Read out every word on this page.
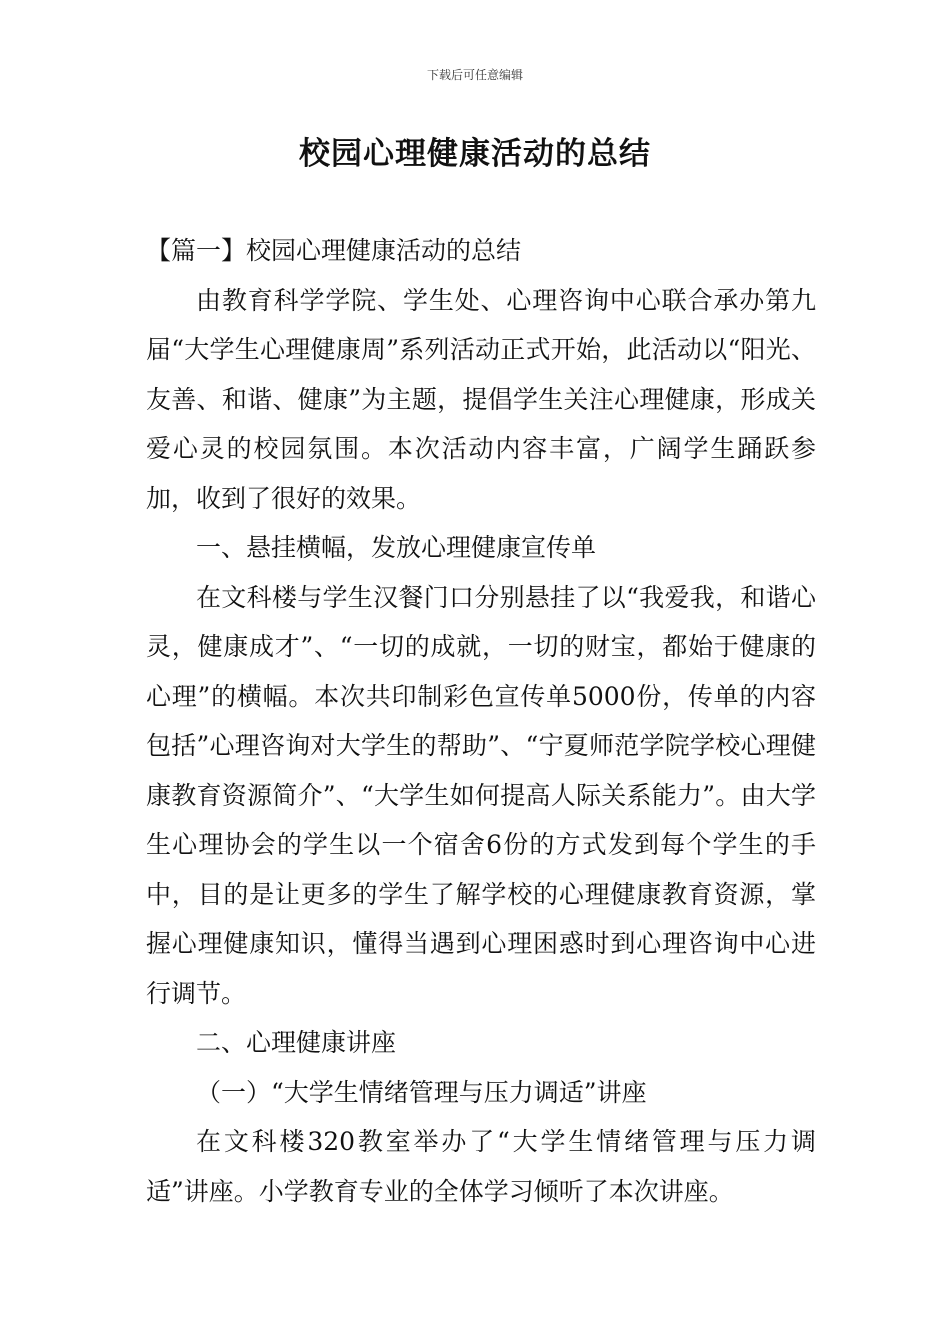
下载后可任意编辑
校园心理健康活动的总结

【篇一】校园心理健康活动的总结

由教育科学学院、学生处、心理咨询中心联合承办第九届“大学生心理健康周”系列活动正式开始，此活动以“阳光、友善、和谐、健康”为主题，提倡学生关注心理健康，形成关爱心灵的校园氛围。本次活动内容丰富，广阔学生踊跃参加，收到了很好的效果。

一、悬挂横幅，发放心理健康宣传单

在文科楼与学生汉餐门口分别悬挂了以“我爱我，和谐心灵，健康成才”、“一切的成就，一切的财宝，都始于健康的心理”的横幅。本次共印制彩色宣传单5000份，传单的内容包括”心理咨询对大学生的帮助”、“宁夏师范学院学校心理健康教育资源简介”、“大学生如何提高人际关系能力”。由大学生心理协会的学生以一个宿舍6份的方式发到每个学生的手中，目的是让更多的学生了解学校的心理健康教育资源，掌握心理健康知识，懂得当遇到心理困惑时到心理咨询中心进行调节。

二、心理健康讲座

（一）“大学生情绪管理与压力调适”讲座

在文科楼320教室举办了“大学生情绪管理与压力调适”讲座。小学教育专业的全体学习倾听了本次讲座。
